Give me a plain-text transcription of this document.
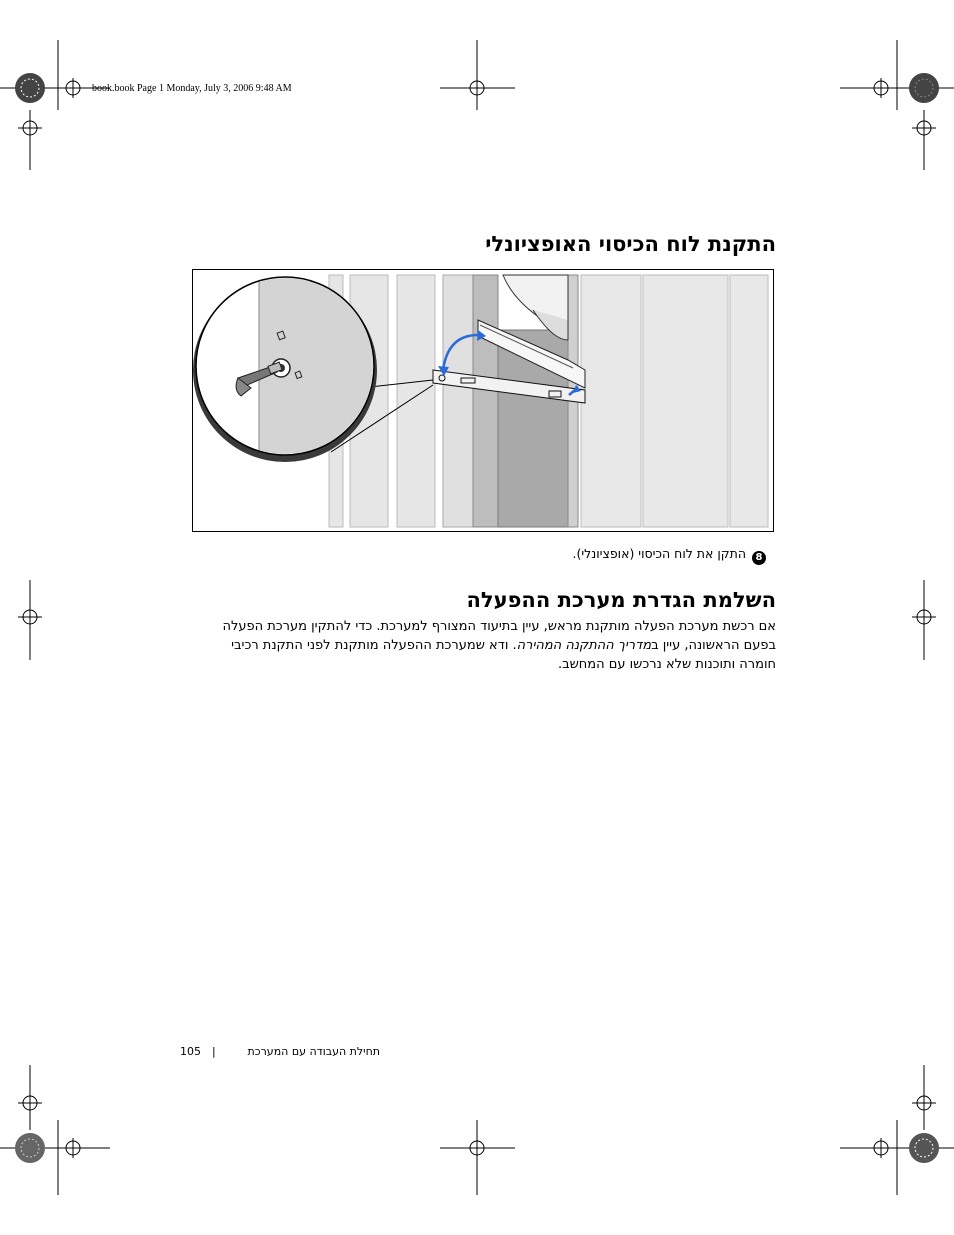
book.book Page 1 Monday, July 3, 2006 9:48 AM
התקנת לוח הכיסוי האופציונלי
8התקן את לוח הכיסוי (אופציונלי).
השלמת הגדרת מערכת ההפעלה

אם רכשת מערכת הפעלה מותקנת מראש, עיין בתיעוד המצורף למערכת. כדי להתקין מערכת הפעלה

בפעם הראשונה, עיין במדריך ההתקנה המהירה. ודא שמערכת ההפעלה מותקנת לפני התקנת רכיבי

חומרה ותוכנות שלא נרכשו עם המחשב.

105 |	תחילת העבודה עם המערכת
